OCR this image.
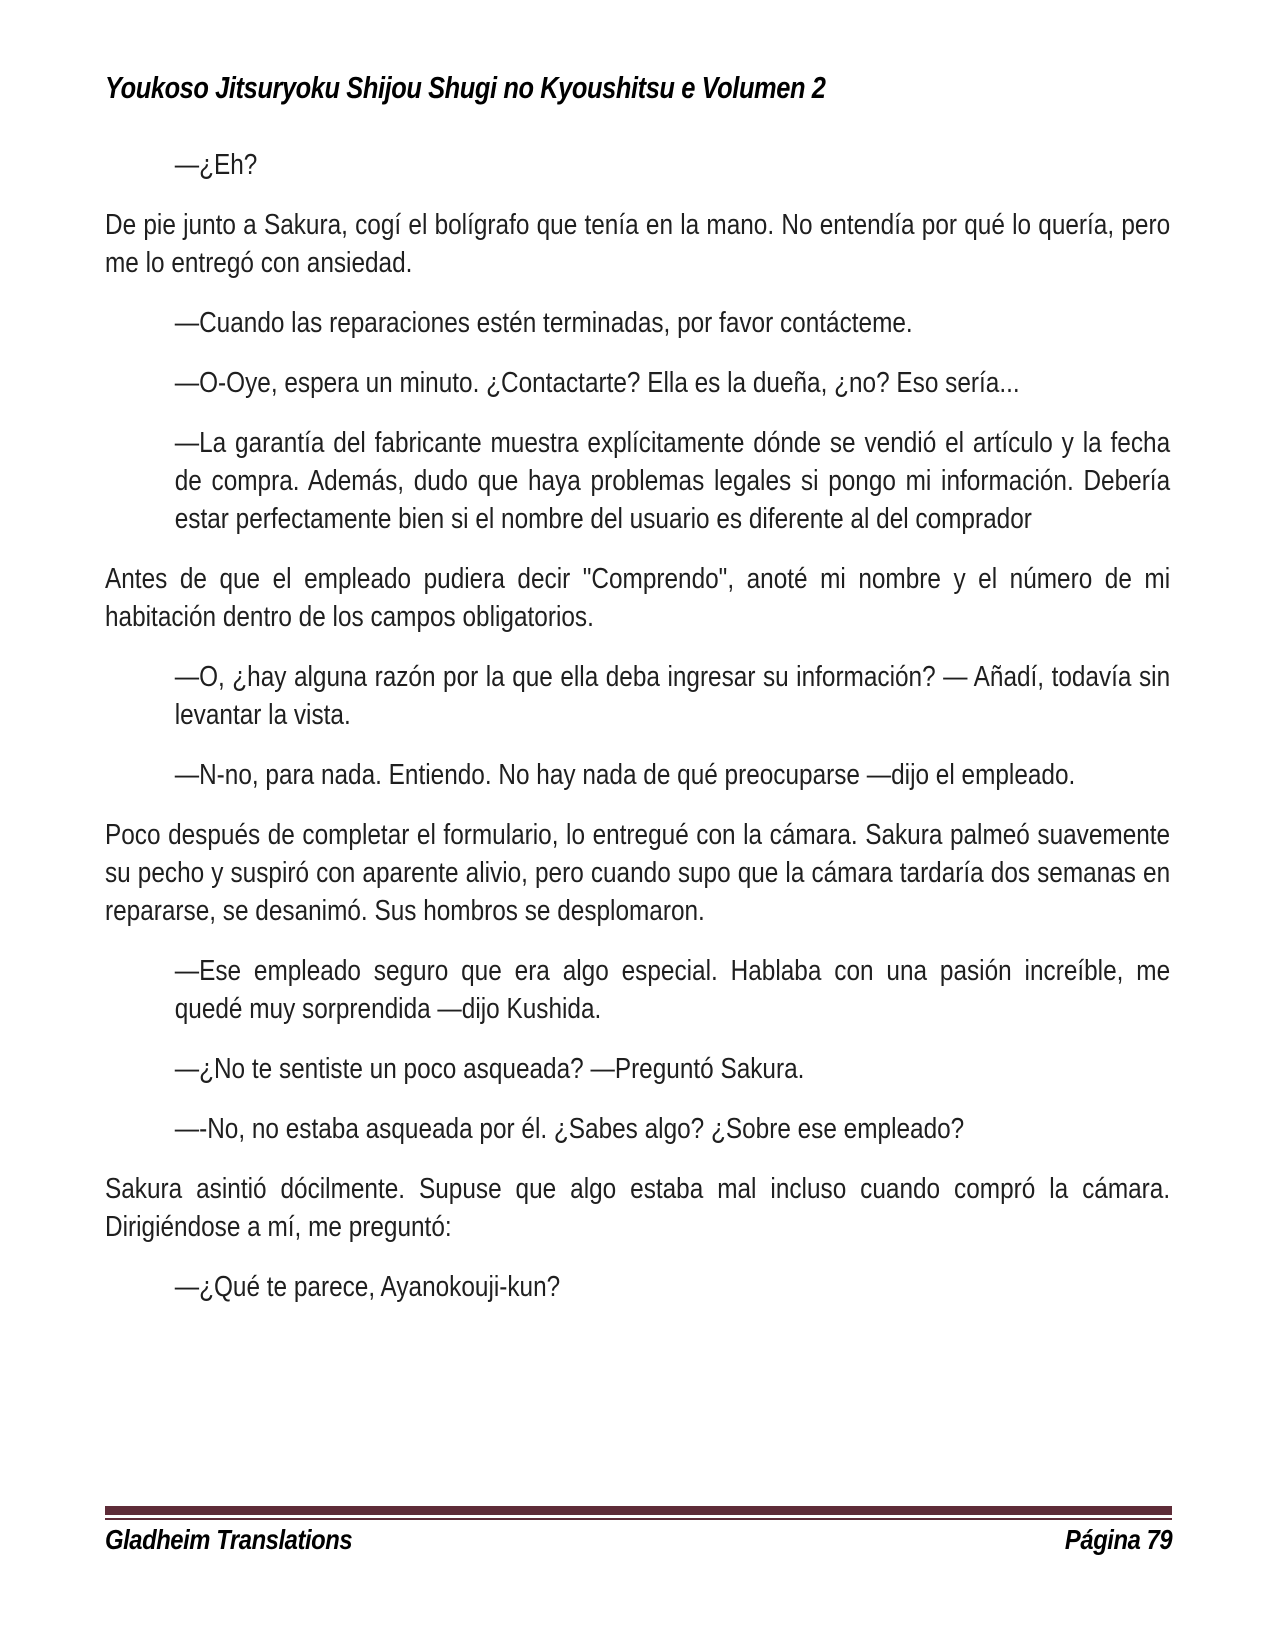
Youkoso Jitsuryoku Shijou Shugi no Kyoushitsu e Volumen 2

—¿Eh?

De pie junto a Sakura, cogí el bolígrafo que tenía en la mano. No entendía por qué lo quería, pero me lo entregó con ansiedad.

—Cuando las reparaciones estén terminadas, por favor contácteme.

—O-Oye, espera un minuto. ¿Contactarte? Ella es la dueña, ¿no? Eso sería...

—La garantía del fabricante muestra explícitamente dónde se vendió el artículo y la fecha de compra. Además, dudo que haya problemas legales si pongo mi información. Debería estar perfectamente bien si el nombre del usuario es diferente al del comprador

Antes de que el empleado pudiera decir "Comprendo", anoté mi nombre y el número de mi habitación dentro de los campos obligatorios.

—O, ¿hay alguna razón por la que ella deba ingresar su información? — Añadí, todavía sin levantar la vista.

—N-no, para nada. Entiendo. No hay nada de qué preocuparse —dijo el empleado.

Poco después de completar el formulario, lo entregué con la cámara. Sakura palmeó suavemente su pecho y suspiró con aparente alivio, pero cuando supo que la cámara tardaría dos semanas en repararse, se desanimó. Sus hombros se desplomaron.

—Ese empleado seguro que era algo especial. Hablaba con una pasión increíble, me quedé muy sorprendida —dijo Kushida.

—¿No te sentiste un poco asqueada? —Preguntó Sakura.

—-No, no estaba asqueada por él. ¿Sabes algo? ¿Sobre ese empleado?

Sakura asintió dócilmente. Supuse que algo estaba mal incluso cuando compró la cámara. Dirigiéndose a mí, me preguntó:

—¿Qué te parece, Ayanokouji-kun?

Gladheim Translations	Página 79
